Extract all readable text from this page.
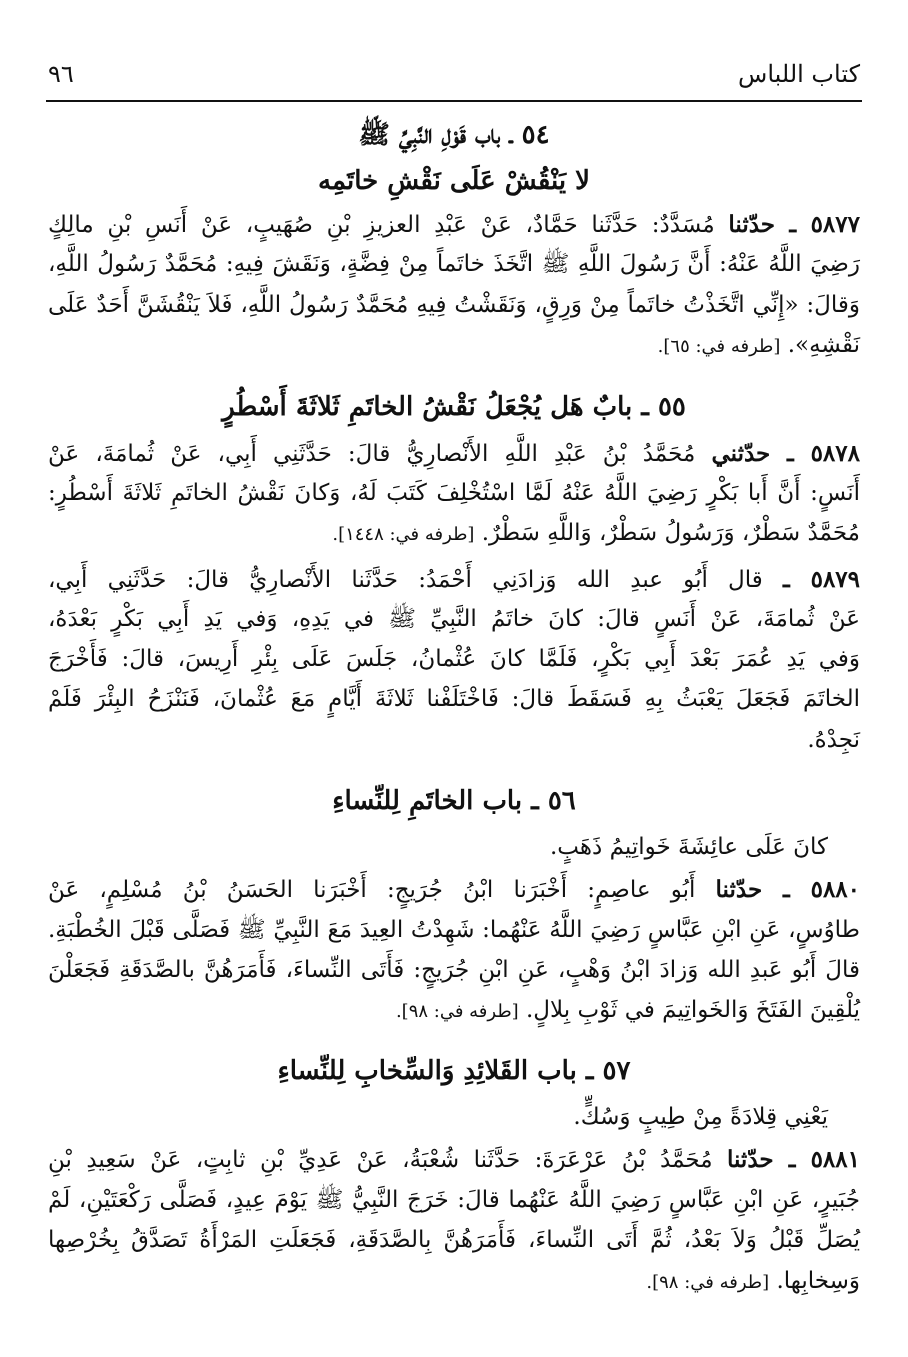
كتاب اللباس
٩٦
٥٤ ـ باب قَوْلِ النَّبِيِّ ﷺ
لا يَنْقُشْ عَلَى نَقْشِ خاتَمِه
٥٨٧٧ ـ حدّثنا مُسَدَّدٌ: حَدَّثَنا حَمَّادٌ، عَنْ عَبْدِ العزيزِ بْنِ صُهَيبٍ، عَنْ أَنَسِ بْنِ مالِكٍ
رَضِيَ اللَّهُ عَنْهُ: أَنَّ رَسُولَ اللَّهِ ﷺ اتَّخَذَ خاتَماً مِنْ فِضَّةٍ، وَنَقَشَ فِيهِ: مُحَمَّدٌ رَسُولُ اللَّهِ،
وَقالَ: «إِنِّي اتَّخَذْتُ خاتَماً مِنْ وَرِقٍ، وَنَقَشْتُ فِيهِ مُحَمَّدٌ رَسُولُ اللَّهِ، فَلاَ يَنْقُشَنَّ أَحَدٌ عَلَى
نَقْشِهِ». [طرفه في: ٦٥].
٥٥ ـ بابٌ هَل يُجْعَلُ نَقْشُ الخاتَمِ ثَلاثَةَ أَسْطُرٍ
٥٨٧٨ ـ حدّثني مُحَمَّدُ بْنُ عَبْدِ اللَّهِ الأَنْصارِيُّ قالَ: حَدَّثَنِي أَبِي، عَنْ ثُمامَةَ، عَنْ
أَنَسٍ: أَنَّ أَبا بَكْرٍ رَضِيَ اللَّهُ عَنْهُ لَمَّا اسْتُخْلِفَ كَتَبَ لَهُ، وَكانَ نَقْشُ الخاتَمِ ثَلاثَةَ أَسْطُرٍ:
مُحَمَّدٌ سَطْرٌ، وَرَسُولُ سَطْرٌ، وَاللَّهِ سَطْرٌ. [طرفه في: ١٤٤٨].
٥٨٧٩ ـ قال أَبُو عبدِ الله وَزادَنِي أَحْمَدُ: حَدَّثَنا الأَنْصارِيُّ قالَ: حَدَّثَنِي أَبِي،
عَنْ ثُمامَةَ، عَنْ أَنَسٍ قالَ: كانَ خاتَمُ النَّبِيِّ ﷺ في يَدِهِ، وَفي يَدِ أَبِي بَكْرٍ بَعْدَهُ،
وَفي يَدِ عُمَرَ بَعْدَ أَبِي بَكْرٍ، فَلَمَّا كانَ عُثْمانُ، جَلَسَ عَلَى بِئْرِ أَرِيسَ، قالَ: فَأَخْرَجَ
الخاتَمَ فَجَعَلَ يَعْبَثُ بِهِ فَسَقَطَ قالَ: فَاخْتَلَفْنا ثَلاثَةَ أَيَّامٍ مَعَ عُثْمانَ، فَنَنْزَحُ البِئْرَ فَلَمْ
نَجِدْهُ.
٥٦ ـ باب الخاتَمِ لِلنِّساءِ
كانَ عَلَى عائِشَةَ خَواتِيمُ ذَهَبٍ.
٥٨٨٠ ـ حدّثنا أَبُو عاصِمٍ: أَخْبَرَنا ابْنُ جُرَيجٍ: أَخْبَرَنا الحَسَنُ بْنُ مُسْلِمٍ، عَنْ
طاوُسٍ، عَنِ ابْنِ عَبَّاسٍ رَضِيَ اللَّهُ عَنْهُما: شَهِدْتُ العِيدَ مَعَ النَّبِيِّ ﷺ فَصَلَّى قَبْلَ الخُطْبَةِ.
قالَ أَبُو عَبدِ الله وَزادَ ابْنُ وَهْبٍ، عَنِ ابْنِ جُرَيجٍ: فَأَتَى النِّساءَ، فَأَمَرَهُنَّ بالصَّدَقَةِ فَجَعَلْنَ
يُلْقِينَ الفَتَخَ وَالخَواتِيمَ في ثَوْبِ بِلالٍ. [طرفه في: ٩٨].
٥٧ ـ باب القَلائِدِ وَالسِّخابِ لِلنِّساءِ
يَعْنِي قِلادَةً مِنْ طِيبٍ وَسُكٍّ.
٥٨٨١ ـ حدّثنا مُحَمَّدُ بْنُ عَرْعَرَةَ: حَدَّثَنا شُعْبَةُ، عَنْ عَدِيِّ بْنِ ثابِتٍ، عَنْ سَعِيدِ بْنِ
جُبَيرٍ، عَنِ ابْنِ عَبَّاسٍ رَضِيَ اللَّهُ عَنْهُما قالَ: خَرَجَ النَّبِيُّ ﷺ يَوْمَ عِيدٍ، فَصَلَّى رَكْعَتَيْنِ، لَمْ
يُصَلِّ قَبْلُ وَلاَ بَعْدُ، ثُمَّ أَتَى النِّساءَ، فَأَمَرَهُنَّ بِالصَّدَقَةِ، فَجَعَلَتِ المَرْأَةُ تَصَدَّقُ بِخُرْصِها
وَسِخابِها. [طرفه في: ٩٨].
